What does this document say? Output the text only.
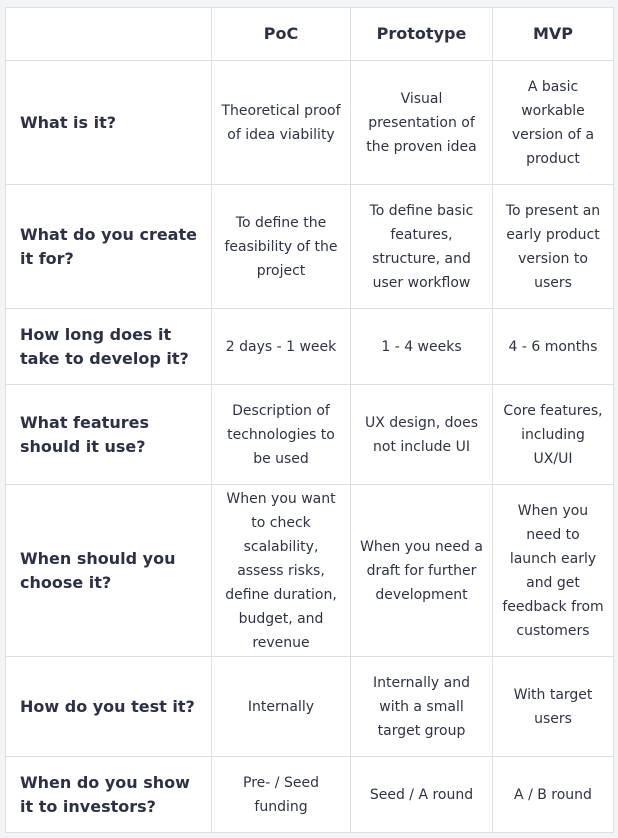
	PoC	Prototype	MVP
What is it?	Theoretical proof of idea viability	Visual presentation of the proven idea	A basic workable version of a product
What do you create it for?	To define the feasibility of the project	To define basic features, structure, and user workflow	To present an early product version to users
How long does it take to develop it?	2 days - 1 week	1 - 4 weeks	4 - 6 months
What features should it use?	Description of technologies to be used	UX design, does not include UI	Core features, including UX/UI
When should you choose it?	When you want to check scalability, assess risks, define duration, budget, and revenue	When you need a draft for further development	When you need to launch early and get feedback from customers
How do you test it?	Internally	Internally and with a small target group	With target users
When do you show it to investors?	Pre- / Seed funding	Seed / A round	A / B round
